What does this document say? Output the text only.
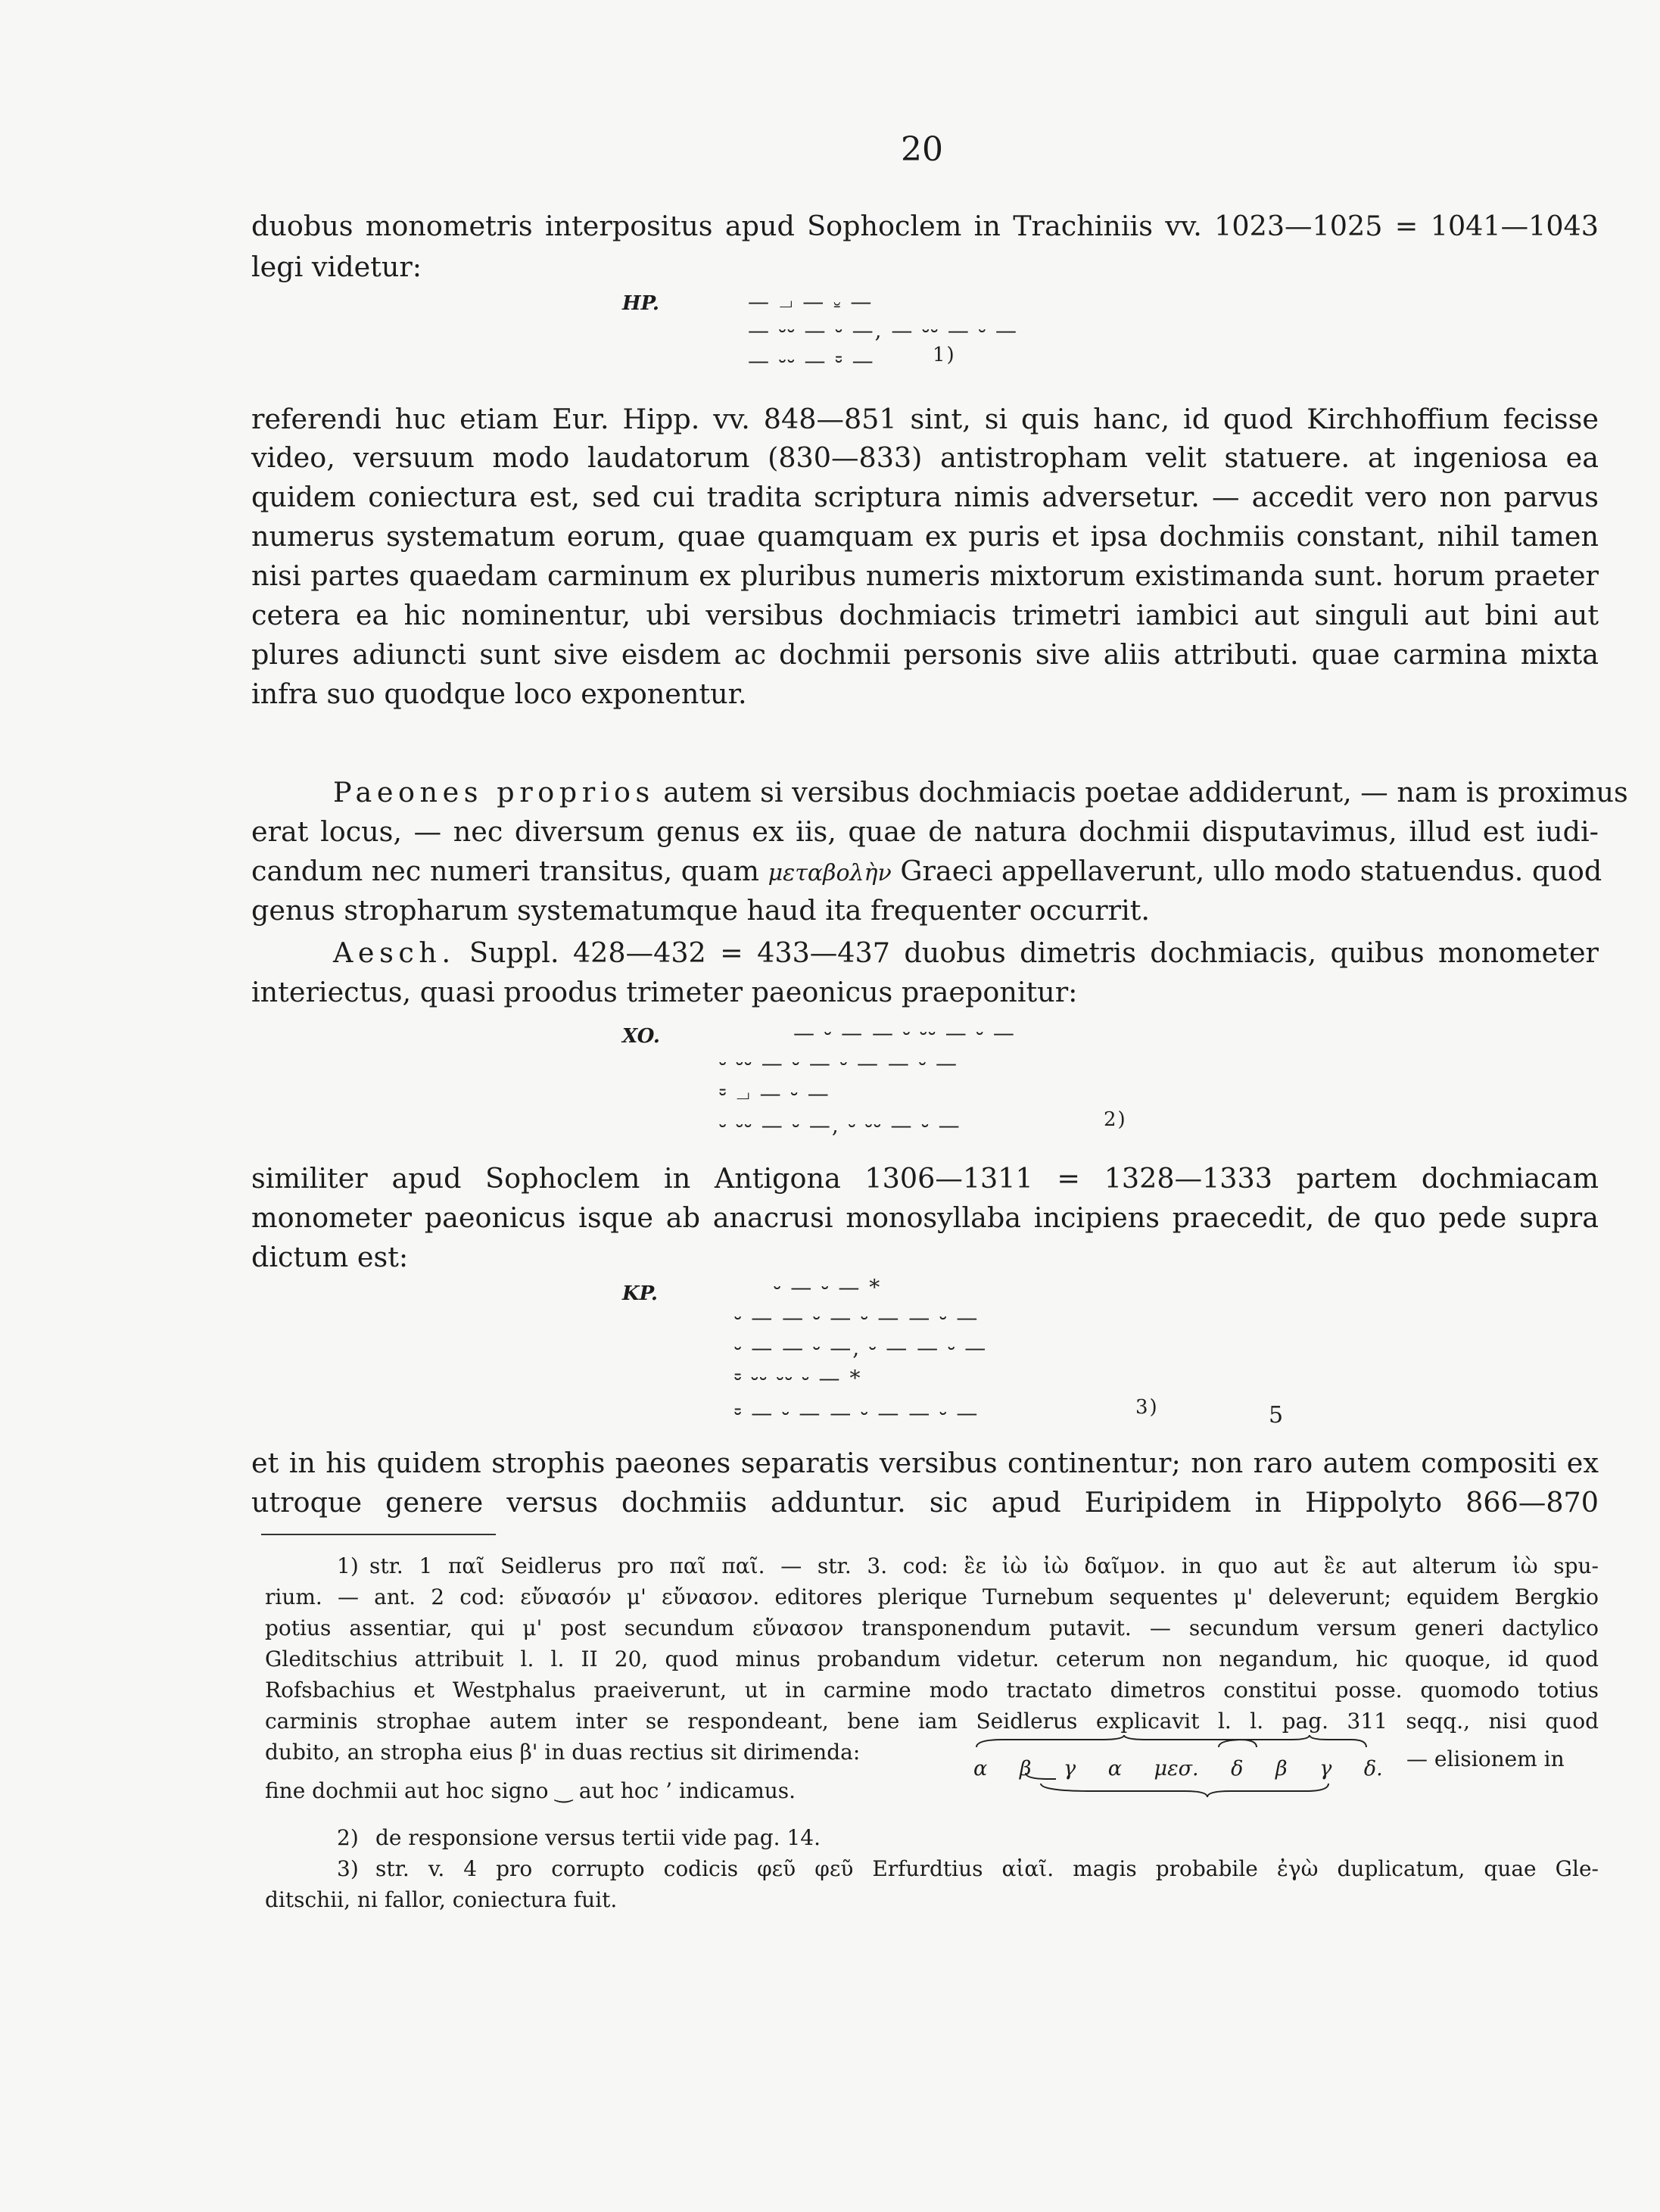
20
duobus monometris interpositus apud Sophoclem in Trachiniis vv. 1023—1025 = 1041—1043
legi videtur:
HP.	— ⏗ — ⏓ —
— ⏑⏑ — ⏑ —, — ⏑⏑ — ⏑ —
— ⏑⏑ — ⏒ —	1)
referendi huc etiam Eur. Hipp. vv. 848—851 sint, si quis hanc, id quod Kirchhoffium fecisse
video, versuum modo laudatorum (830—833) antistropham velit statuere. at ingeniosa ea
quidem coniectura est, sed cui tradita scriptura nimis adversetur. — accedit vero non parvus
numerus systematum eorum, quae quamquam ex puris et ipsa dochmiis constant, nihil tamen
nisi partes quaedam carminum ex pluribus numeris mixtorum existimanda sunt. horum praeter
cetera ea hic nominentur, ubi versibus dochmiacis trimetri iambici aut singuli aut bini aut
plures adiuncti sunt sive eisdem ac dochmii personis sive aliis attributi. quae carmina mixta
infra suo quodque loco exponentur.
Paeones proprios autem si versibus dochmiacis poetae addiderunt, — nam is proximus
erat locus, — nec diversum genus ex iis, quae de natura dochmii disputavimus, illud est iudi-
candum nec numeri transitus, quam μεταβολὴν Graeci appellaverunt, ullo modo statuendus. quod
genus stropharum systematumque haud ita frequenter occurrit.
Aesch. Suppl. 428—432 = 433—437 duobus dimetris dochmiacis, quibus monometer
interiectus, quasi proodus trimeter paeonicus praeponitur:
XO.	— ⏑ — — ⏑ ⏑⏑ — ⏑ —
⏑ ⏑⏑ — ⏑ — ⏑ — — ⏑ —
⏒ ⏗ — ⏑ —
⏑ ⏑⏑ — ⏑ —, ⏑ ⏑⏑ — ⏑ —	2)
similiter apud Sophoclem in Antigona 1306—1311 = 1328—1333 partem dochmiacam
monometer paeonicus isque ab anacrusi monosyllaba incipiens praecedit, de quo pede supra
dictum est:
KP.	⏑ — ⏑ — *
⏑ — — ⏑ — ⏑ — — ⏑ —
⏑ — — ⏑ —, ⏑ — — ⏑ —
⏒ ⏑⏑ ⏑⏑ ⏑ — *
⏒ — ⏑ — — ⏑ — — ⏑ —	3)	5
et in his quidem strophis paeones separatis versibus continentur; non raro autem compositi ex
utroque genere versus dochmiis adduntur. sic apud Euripidem in Hippolyto 866—870
1) str. 1 παῖ Seidlerus pro παῖ παῖ. — str. 3. cod: ἒε ἰὼ ἰὼ δαῖμον. in quo aut ἒε aut alterum ἰὼ spu-
rium. — ant. 2 cod: εὔνασόν μ' εὔνασον. editores plerique Turnebum sequentes μ' deleverunt; equidem Bergkio
potius assentiar, qui μ' post secundum εὔνασον transponendum putavit. — secundum versum generi dactylico
Gleditschius attribuit l. l. II 20, quod minus probandum videtur. ceterum non negandum, hic quoque, id quod
Rofsbachius et Westphalus praeiverunt, ut in carmine modo tractato dimetros constitui posse. quomodo totius
carminis strophae autem inter se respondeant, bene iam Seidlerus explicavit l. l. pag. 311 seqq., nisi quod
dubito, an stropha eius β' in duas rectius sit dirimenda:
α β γ α μεσ. δ β γ δ. — elisionem in
fine dochmii aut hoc signo ‿ aut hoc ’ indicamus.
2) de responsione versus tertii vide pag. 14.
3) str. v. 4 pro corrupto codicis φεῦ φεῦ Erfurdtius αἰαῖ. magis probabile ἐγὼ duplicatum, quae Gle-
ditschii, ni fallor, coniectura fuit.
